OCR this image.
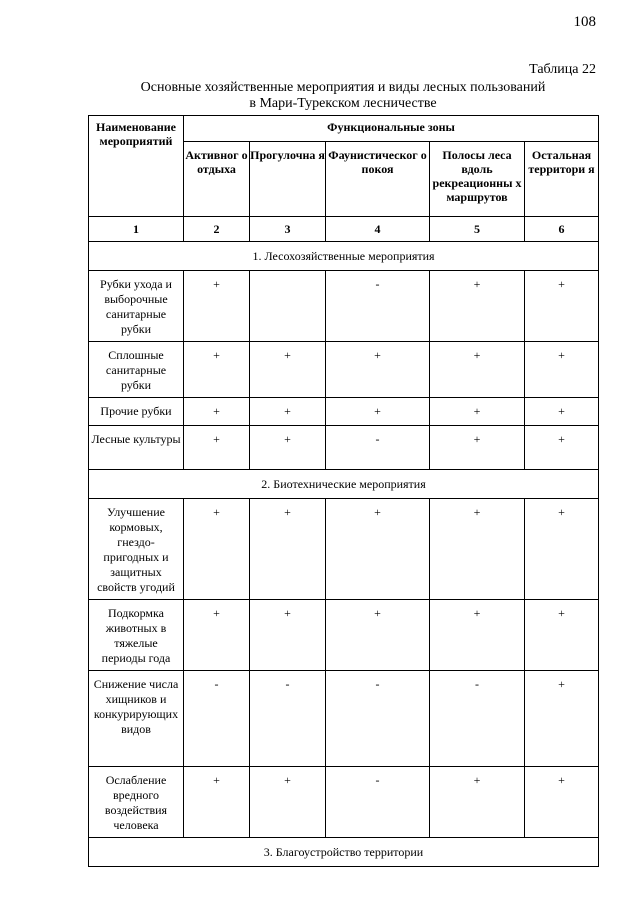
108
Таблица 22
Основные хозяйственные мероприятия и виды лесных пользований
в Мари-Турекском лесничестве
Наименование мероприятий	Функциональные зоны				
	Активног о отдыха	Прогулочна я	Фаунистическог о покоя	Полосы леса вдоль рекреационны х маршрутов	Остальная территори я
1	2	3	4	5	6
1. Лесохозяйственные мероприятия					
Рубки ухода и выборочные санитарные рубки	+		-	+	+
Сплошные санитарные рубки	+	+	+	+	+
Прочие рубки	+	+	+	+	+
Лесные культуры	+	+	-	+	+
2. Биотехнические мероприятия					
Улучшение кормовых, гнездо-пригодных и защитных свойств угодий	+	+	+	+	+
Подкормка животных в тяжелые периоды года	+	+	+	+	+
Снижение числа хищников и конкурирующих видов	-	-	-	-	+
Ослабление вредного воздействия человека	+	+	-	+	+
3. Благоустройство территории					
